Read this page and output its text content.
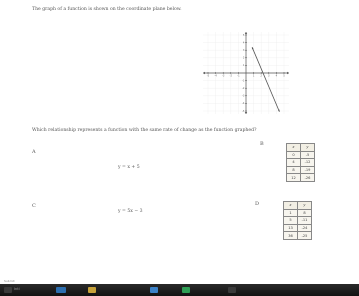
The graph of a function is shown on the coordinate plane below.
-5 -4 -3 -2 -1	1	2	3	4	5
5
4
3
2
1
-1
-2
-3
-4
-5
Which relationship represents a function with the same rate of change as the function graphed?
A
y = x + 5
B
x	y
0	-5
4	-12
8	-19
12	-26
C
y = 5x − 3
D	x	y
1	8
5	-11
13	-24
36	-25
Submit
Intl
